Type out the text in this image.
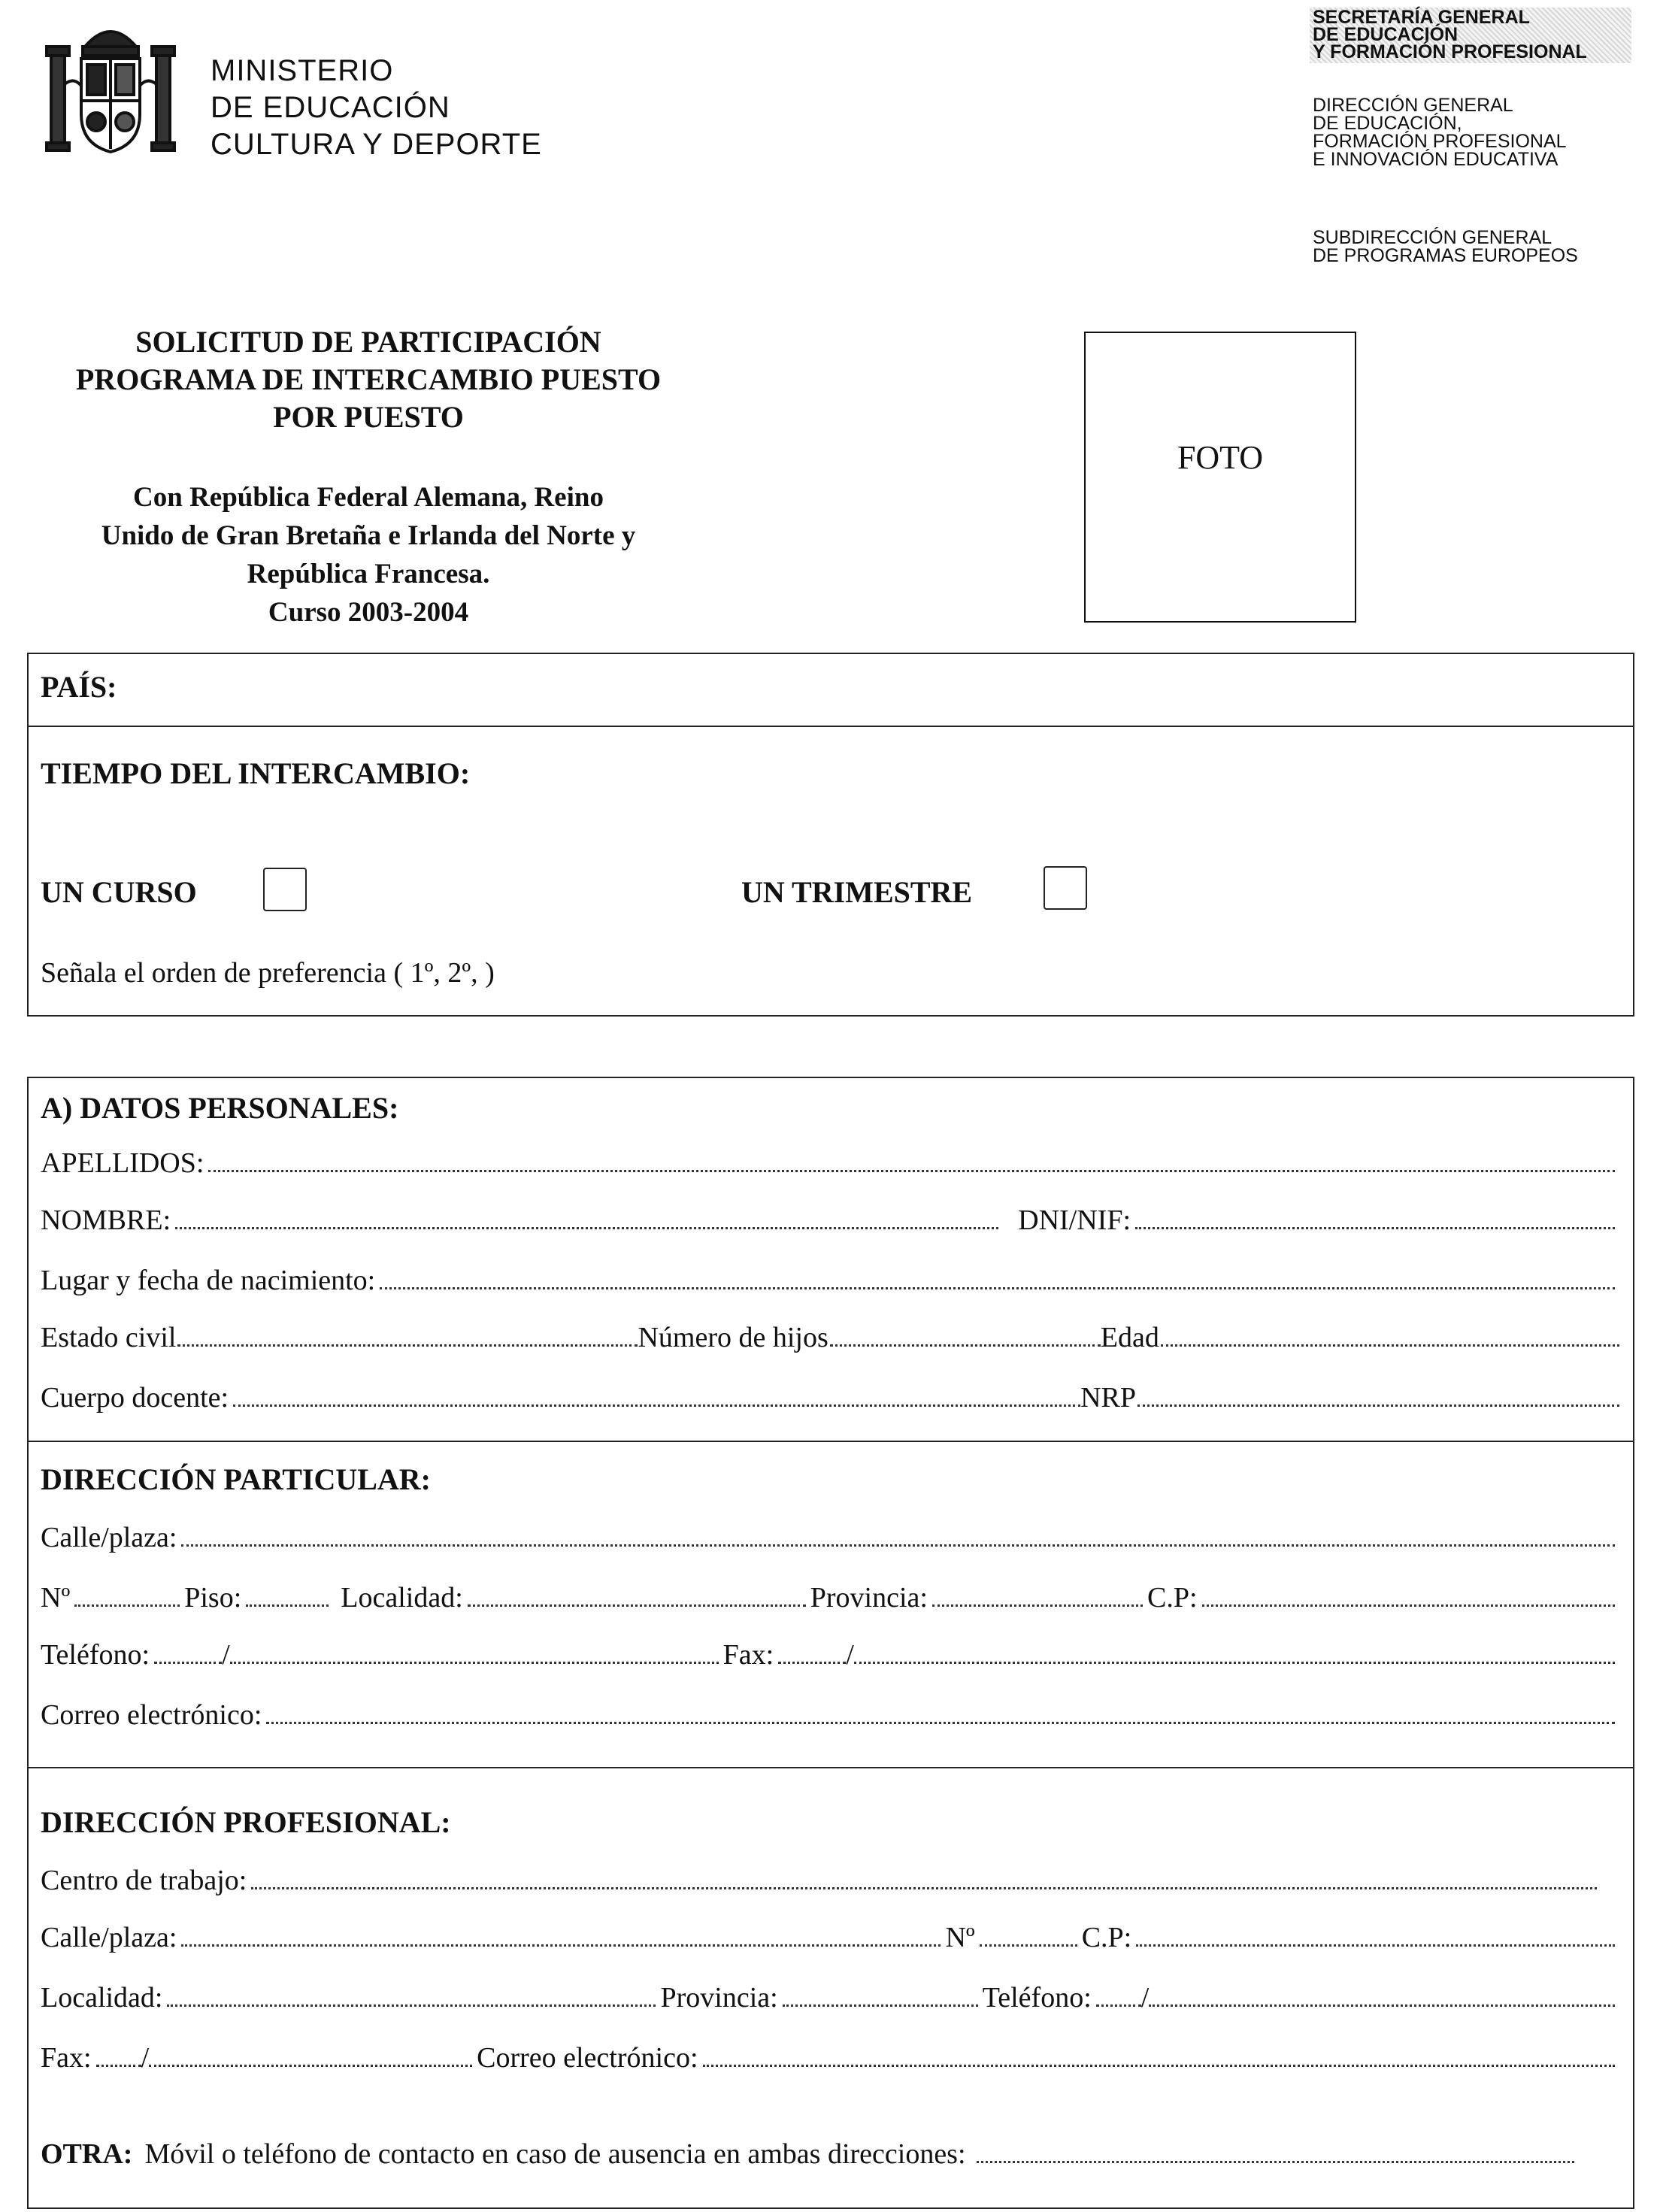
MINISTERIO
DE EDUCACIÓN
CULTURA Y DEPORTE
SECRETARÍA GENERAL
DE EDUCACIÓN
Y FORMACIÓN PROFESIONAL
DIRECCIÓN GENERAL
DE EDUCACIÓN,
FORMACIÓN PROFESIONAL
E INNOVACIÓN EDUCATIVA
SUBDIRECCIÓN GENERAL
DE PROGRAMAS EUROPEOS
SOLICITUD DE PARTICIPACIÓN
PROGRAMA DE INTERCAMBIO PUESTO
POR PUESTO
Con República Federal Alemana, Reino
Unido de Gran Bretaña e Irlanda del Norte y
República Francesa.
Curso 2003-2004
FOTO
PAÍS:
TIEMPO DEL INTERCAMBIO:
UN CURSO	UN TRIMESTRE
Señala el orden de preferencia ( 1º, 2º, )
A) DATOS PERSONALES:
APELLIDOS:
NOMBRE:	DNI/NIF:
Lugar y fecha de nacimiento:
Estado civil	Número de hijos	Edad
Cuerpo docente:	NRP
DIRECCIÓN PARTICULAR:
Calle/plaza:
Nº	Piso:	Localidad:	Provincia:	C.P:
Teléfono:	/	Fax:	/
Correo electrónico:
DIRECCIÓN PROFESIONAL:
Centro de trabajo:
Calle/plaza:	Nº	C.P:
Localidad:	Provincia:	Teléfono: /
Fax: /	Correo electrónico:
OTRA: Móvil o teléfono de contacto en caso de ausencia en ambas direcciones:
